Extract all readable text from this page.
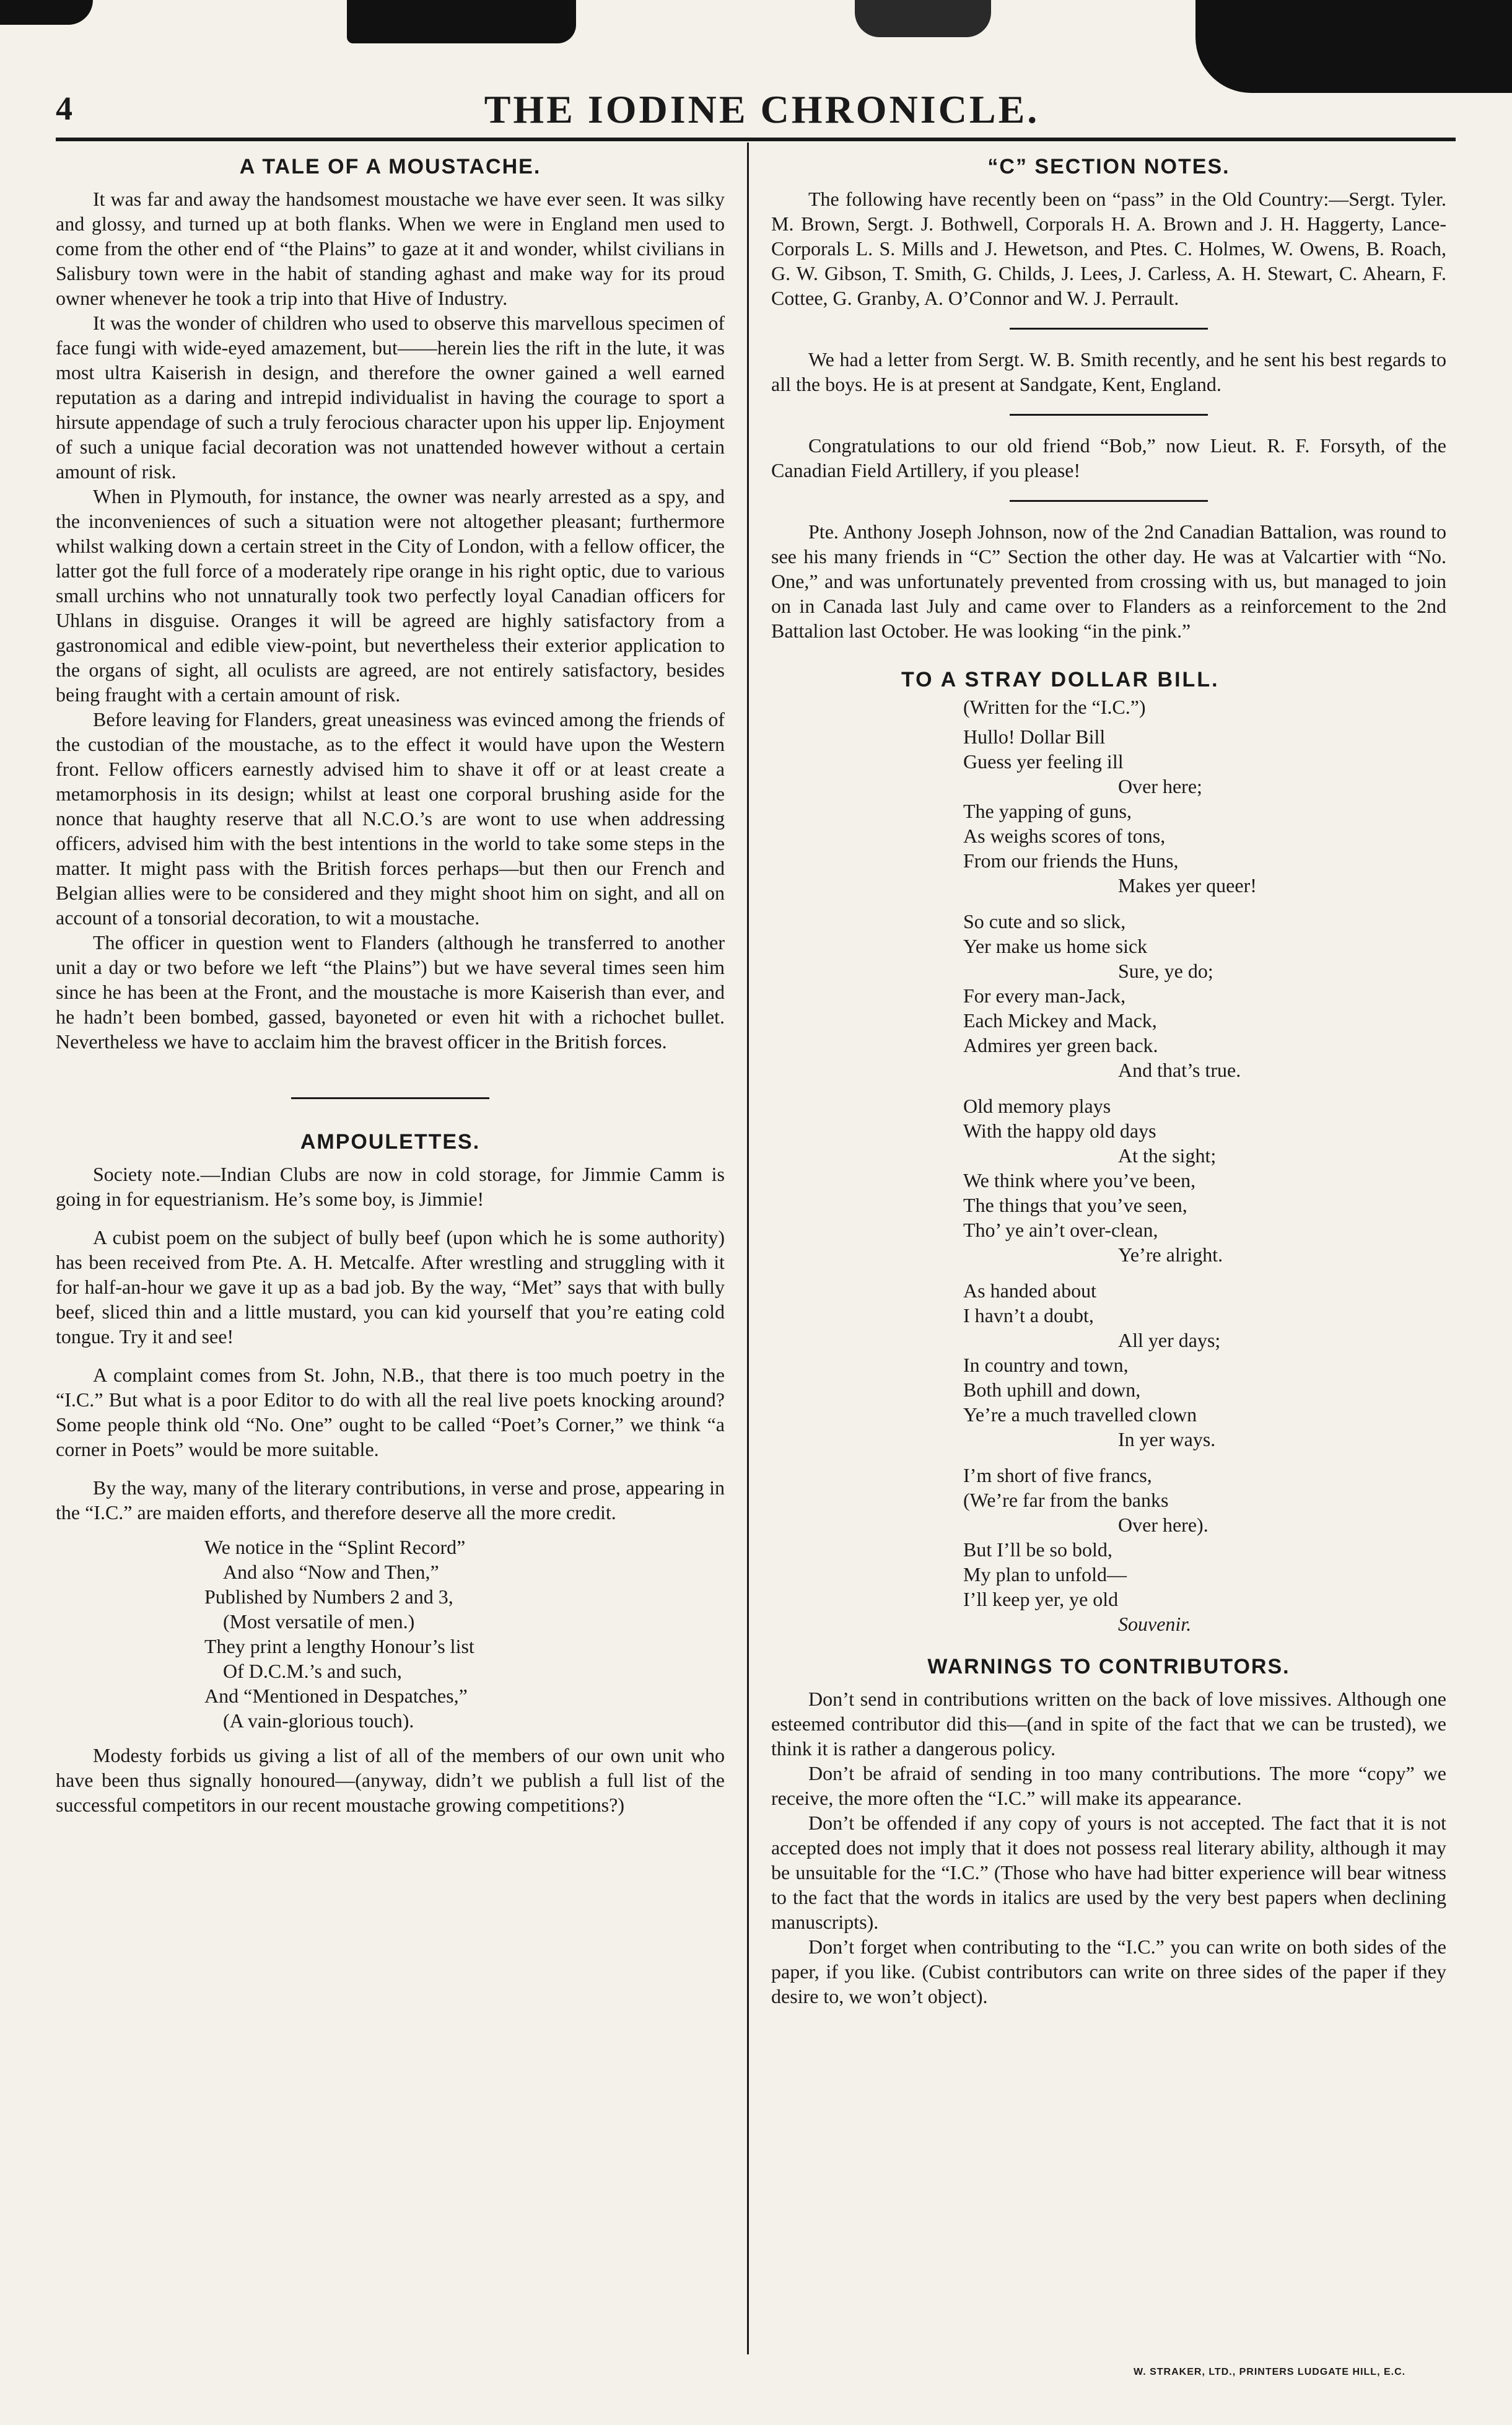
4	THE IODINE CHRONICLE.
A TALE OF A MOUSTACHE.

It was far and away the handsomest moustache we have ever seen. It was silky and glossy, and turned up at both flanks. When we were in England men used to come from the other end of “the Plains” to gaze at it and wonder, whilst civilians in Salisbury town were in the habit of standing aghast and make way for its proud owner whenever he took a trip into that Hive of Industry.

It was the wonder of children who used to observe this marvellous specimen of face fungi with wide-eyed amazement, but——herein lies the rift in the lute, it was most ultra Kaiserish in design, and therefore the owner gained a well earned reputation as a daring and intrepid individualist in having the courage to sport a hirsute appendage of such a truly ferocious character upon his upper lip. Enjoyment of such a unique facial decoration was not unattended however without a certain amount of risk.

When in Plymouth, for instance, the owner was nearly arrested as a spy, and the inconveniences of such a situation were not altogether pleasant; furthermore whilst walking down a certain street in the City of London, with a fellow officer, the latter got the full force of a moderately ripe orange in his right optic, due to various small urchins who not unnaturally took two perfectly loyal Canadian officers for Uhlans in disguise. Oranges it will be agreed are highly satisfactory from a gastronomical and edible view-point, but nevertheless their exterior application to the organs of sight, all oculists are agreed, are not entirely satisfactory, besides being fraught with a certain amount of risk.

Before leaving for Flanders, great uneasiness was evinced among the friends of the custodian of the moustache, as to the effect it would have upon the Western front. Fellow officers earnestly advised him to shave it off or at least create a metamorphosis in its design; whilst at least one corporal brushing aside for the nonce that haughty reserve that all N.C.O.’s are wont to use when addressing officers, advised him with the best intentions in the world to take some steps in the matter. It might pass with the British forces perhaps—but then our French and Belgian allies were to be considered and they might shoot him on sight, and all on account of a tonsorial decoration, to wit a moustache.

The officer in question went to Flanders (although he transferred to another unit a day or two before we left “the Plains”) but we have several times seen him since he has been at the Front, and the moustache is more Kaiserish than ever, and he hadn’t been bombed, gassed, bayoneted or even hit with a richochet bullet. Nevertheless we have to acclaim him the bravest officer in the British forces.

AMPOULETTES.

Society note.—Indian Clubs are now in cold storage, for Jimmie Camm is going in for equestrianism. He’s some boy, is Jimmie!

A cubist poem on the subject of bully beef (upon which he is some authority) has been received from Pte. A. H. Metcalfe. After wrestling and struggling with it for half-an-hour we gave it up as a bad job. By the way, “Met” says that with bully beef, sliced thin and a little mustard, you can kid yourself that you’re eating cold tongue. Try it and see!

A complaint comes from St. John, N.B., that there is too much poetry in the “I.C.” But what is a poor Editor to do with all the real live poets knocking around? Some people think old “No. One” ought to be called “Poet’s Corner,” we think “a corner in Poets” would be more suitable.

By the way, many of the literary contributions, in verse and prose, appearing in the “I.C.” are maiden efforts, and therefore deserve all the more credit.

We notice in the “Splint Record”
And also “Now and Then,”
Published by Numbers 2 and 3,
(Most versatile of men.)
They print a lengthy Honour’s list
Of D.C.M.’s and such,
And “Mentioned in Despatches,”
(A vain-glorious touch).

Modesty forbids us giving a list of all of the members of our own unit who have been thus signally honoured—(anyway, didn’t we publish a full list of the successful competitors in our recent moustache growing competitions?)

“C” SECTION NOTES.

The following have recently been on “pass” in the Old Country:—Sergt. Tyler. M. Brown, Sergt. J. Bothwell, Corporals H. A. Brown and J. H. Haggerty, Lance-Corporals L. S. Mills and J. Hewetson, and Ptes. C. Holmes, W. Owens, B. Roach, G. W. Gibson, T. Smith, G. Childs, J. Lees, J. Carless, A. H. Stewart, C. Ahearn, F. Cottee, G. Granby, A. O’Connor and W. J. Perrault.

We had a letter from Sergt. W. B. Smith recently, and he sent his best regards to all the boys. He is at present at Sandgate, Kent, England.

Congratulations to our old friend “Bob,” now Lieut. R. F. Forsyth, of the Canadian Field Artillery, if you please!

Pte. Anthony Joseph Johnson, now of the 2nd Canadian Battalion, was round to see his many friends in “C” Section the other day. He was at Valcartier with “No. One,” and was unfortunately prevented from crossing with us, but managed to join on in Canada last July and came over to Flanders as a reinforcement to the 2nd Battalion last October. He was looking “in the pink.”

TO A STRAY DOLLAR BILL.
(Written for the “I.C.”)
Hullo! Dollar Bill
Guess yer feeling ill
Over here;
The yapping of guns,
As weighs scores of tons,
From our friends the Huns,
Makes yer queer!
So cute and so slick,
Yer make us home sick
Sure, ye do;
For every man-Jack,
Each Mickey and Mack,
Admires yer green back.
And that’s true.
Old memory plays
With the happy old days
At the sight;
We think where you’ve been,
The things that you’ve seen,
Tho’ ye ain’t over-clean,
Ye’re alright.
As handed about
I havn’t a doubt,
All yer days;
In country and town,
Both uphill and down,
Ye’re a much travelled clown
In yer ways.
I’m short of five francs,
(We’re far from the banks
Over here).
But I’ll be so bold,
My plan to unfold—
I’ll keep yer, ye old
Souvenir.
WARNINGS TO CONTRIBUTORS.

Don’t send in contributions written on the back of love missives. Although one esteemed contributor did this—(and in spite of the fact that we can be trusted), we think it is rather a dangerous policy.

Don’t be afraid of sending in too many contributions. The more “copy” we receive, the more often the “I.C.” will make its appearance.

Don’t be offended if any copy of yours is not accepted. The fact that it is not accepted does not imply that it does not possess real literary ability, although it may be unsuitable for the “I.C.” (Those who have had bitter experience will bear witness to the fact that the words in italics are used by the very best papers when declining manuscripts).

Don’t forget when contributing to the “I.C.” you can write on both sides of the paper, if you like. (Cubist contributors can write on three sides of the paper if they desire to, we won’t object).

W. STRAKER, LTD., PRINTERS LUDGATE HILL, E.C.
